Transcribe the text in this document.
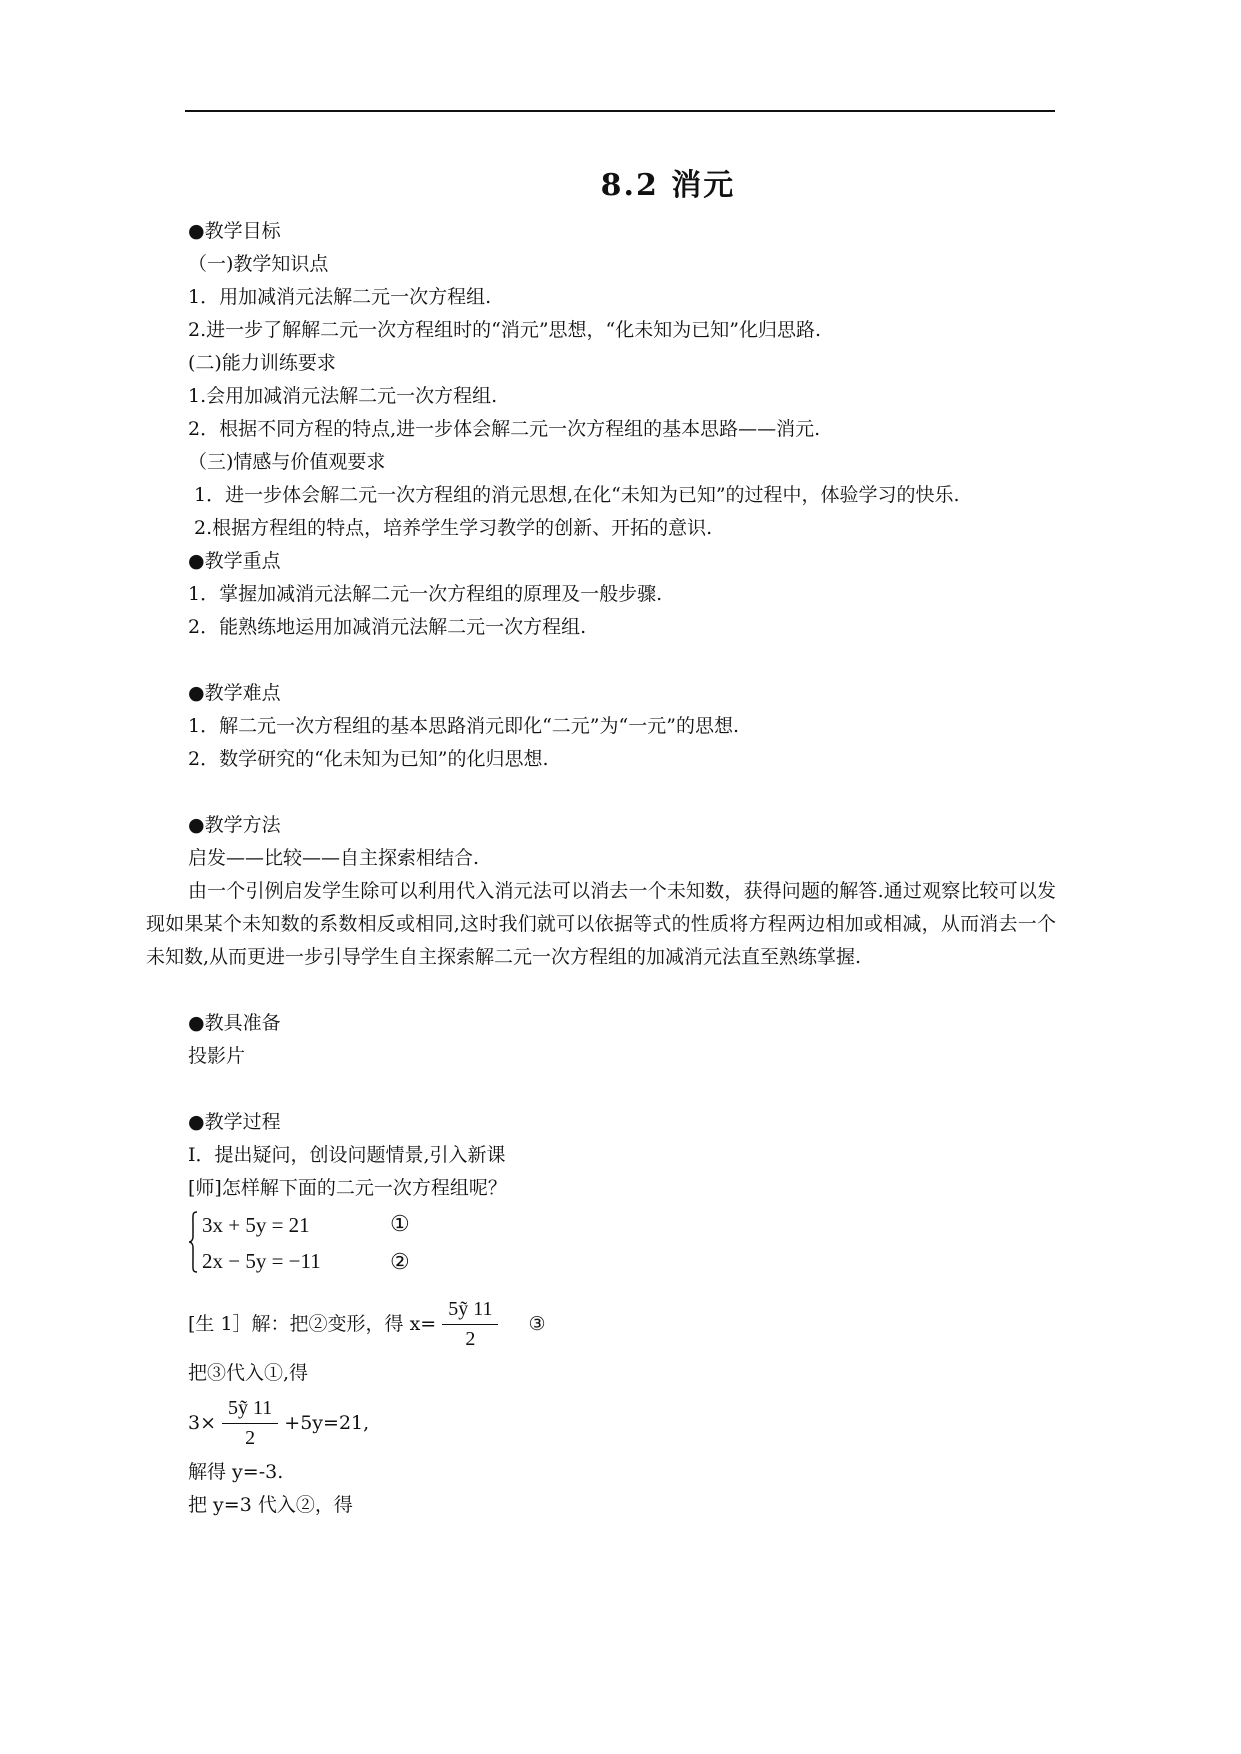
8.2 消元
●教学目标
（一)教学知识点
1．用加减消元法解二元一次方程组.
2.进一步了解解二元一次方程组时的“消元”思想，“化未知为已知”化归思路.
(二)能力训练要求
1.会用加减消元法解二元一次方程组.
2．根据不同方程的特点,进一步体会解二元一次方程组的基本思路——消元.
（三)情感与价值观要求
1．进一步体会解二元一次方程组的消元思想,在化“未知为已知”的过程中，体验学习的快乐.
2.根据方程组的特点，培养学生学习教学的创新、开拓的意识.
●教学重点
1．掌握加减消元法解二元一次方程组的原理及一般步骤.
2．能熟练地运用加减消元法解二元一次方程组.
●教学难点
1．解二元一次方程组的基本思路消元即化“二元”为“一元”的思想.
2．数学研究的“化未知为已知”的化归思想.
●教学方法
启发——比较——自主探索相结合.
由一个引例启发学生除可以利用代入消元法可以消去一个未知数，获得问题的解答.通过观察比较可以发现如果某个未知数的系数相反或相同,这时我们就可以依据等式的性质将方程两边相加或相减，从而消去一个未知数,从而更进一步引导学生自主探索解二元一次方程组的加减消元法直至熟练掌握.
●教具准备
投影片
●教学过程
Ⅰ．提出疑问，创设问题情景,引入新课
[师]怎样解下面的二元一次方程组呢？
3x + 5y = 21	①
2x − 5y = −11	②
[生 1］解：把②变形，得 $x= \frac{\text{5ỹ 11}}{2}$ ③
把③代入①,得
$3\times \frac{\text{5ỹ 11}}{2} +5y=21$,
解得 y=-3.
把 y=3 代入②，得
